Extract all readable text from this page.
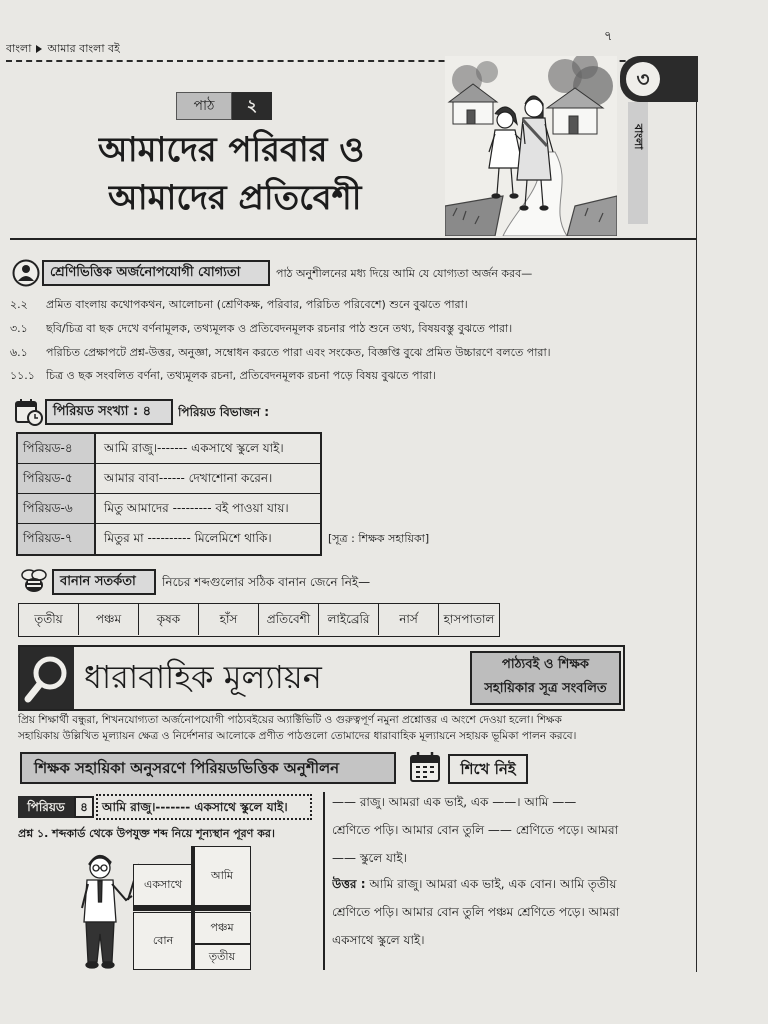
বাংলা আমার বাংলা বই
৭
৩
বাংলা
পাঠ	২
আমাদের পরিবার ও
আমাদের প্রতিবেশী
শ্রেণিভিত্তিক অর্জনোপযোগী যোগ্যতা	পাঠ অনুশীলনের মধ্য দিয়ে আমি যে যোগ্যতা অর্জন করব—
২.২	প্রমিত বাংলায় কথোপকথন, আলোচনা (শ্রেণিকক্ষ, পরিবার, পরিচিত পরিবেশে) শুনে বুঝতে পারা।
৩.১	ছবি/চিত্র বা ছক দেখে বর্ণনামূলক, তথ্যমূলক ও প্রতিবেদনমূলক রচনার পাঠ শুনে তথ্য, বিষয়বস্তু বুঝতে পারা।
৬.১	পরিচিত প্রেক্ষাপটে প্রশ্ন-উত্তর, অনুজ্ঞা, সম্বোধন করতে পারা এবং সংকেত, বিজ্ঞপ্তি বুঝে প্রমিত উচ্চারণে বলতে পারা।
১১.১	চিত্র ও ছক সংবলিত বর্ণনা, তথ্যমূলক রচনা, প্রতিবেদনমূলক রচনা পড়ে বিষয় বুঝতে পারা।
পিরিয়ড সংখ্যা : ৪	পিরিয়ড বিভাজন :
পিরিয়ড-৪	আমি রাজু।------- একসাথে স্কুলে যাই।
পিরিয়ড-৫	আমার বাবা------ দেখাশোনা করেন।
পিরিয়ড-৬	মিতু আমাদের --------- বই পাওয়া যায়।
পিরিয়ড-৭	মিতুর মা ---------- মিলেমিশে থাকি।	[সূত্র : শিক্ষক সহায়িকা]
বানান সতর্কতা	নিচের শব্দগুলোর সঠিক বানান জেনে নিই—
তৃতীয়	পঞ্চম	কৃষক	হাঁস	প্রতিবেশী	লাইব্রেরি	নার্স	হাসপাতাল
ধারাবাহিক মূল্যায়ন	পাঠ্যবই ও শিক্ষক
সহায়িকার সূত্র সংবলিত
প্রিয় শিক্ষার্থী বন্ধুরা, শিখনযোগ্যতা অর্জনোপযোগী পাঠ্যবইয়ের অ্যাক্টিভিটি ও গুরুত্বপূর্ণ নমুনা প্রশ্নোত্তর এ অংশে দেওয়া হলো। শিক্ষক
সহায়িকায় উল্লিখিত মূল্যায়ন ক্ষেত্র ও নির্দেশনার আলোকে প্রণীত পাঠগুলো তোমাদের ধারাবাহিক মূল্যায়নে সহায়ক ভূমিকা পালন করবে।
শিক্ষক সহায়িকা অনুসরণে পিরিয়ডভিত্তিক অনুশীলন	শিখে নিই
পিরিয়ড	৪	আমি রাজু।------- একসাথে স্কুলে যাই।
প্রশ্ন ১. শব্দকার্ড থেকে উপযুক্ত শব্দ নিয়ে শূন্যস্থান পূরণ কর।
একসাথে
আমি
বোন
পঞ্চম
তৃতীয়
—— রাজু। আমরা এক ভাই, এক ——। আমি ——
শ্রেণিতে পড়ি। আমার বোন তুলি —— শ্রেণিতে পড়ে। আমরা
—— স্কুলে যাই।
উত্তর : আমি রাজু। আমরা এক ভাই, এক বোন। আমি তৃতীয়
শ্রেণিতে পড়ি। আমার বোন তুলি পঞ্চম শ্রেণিতে পড়ে। আমরা
একসাথে স্কুলে যাই।
